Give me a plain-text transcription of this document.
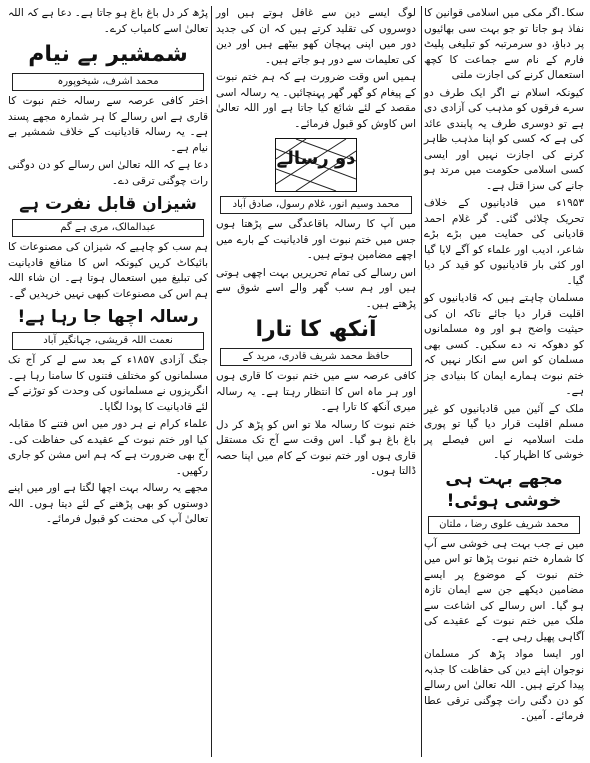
سکا۔اگر مکی میں اسلامی قوانین کا نفاذ ہو جاتا تو جو بہت سی بھائیوں پر دباؤ، دو سرمرتبہ کو تبلیغی پلیٹ فارم کے نام سے جماعت کا کچھ استعمال کرنے کی اجازت ملتی

کیونکہ اسلام نے اگر ایک طرف دو سرے فرقوں کو مذہب کی آزادی دی ہے تو دوسری طرف یہ پابندی عائد کی ہے کہ کسی کو اپنا مذہب ظاہر کرنے کی اجازت نہیں اور ایسی کسی اسلامی حکومت میں مرتد ہو جانے کی سزا قتل ہے۔

۱۹۵۳ء میں قادیانیوں کے خلاف تحریک چلائی گئی۔ گر غلام احمد قادیانی کی حمایت میں بڑے بڑے شاعر، ادیب اور علماء کو آگے لایا گیا اور کئی بار قادیانیوں کو قید کر دیا گیا۔

مسلمان چاہتے ہیں کہ قادیانیوں کو اقلیت قرار دیا جائے تاکہ ان کی حیثیت واضح ہو اور وہ مسلمانوں کو دھوکہ نہ دے سکیں۔ کسی بھی مسلمان کو اس سے انکار نہیں کہ ختم نبوت ہمارے ایمان کا بنیادی جز ہے۔

ملک کے آئین میں قادیانیوں کو غیر مسلم اقلیت قرار دیا گیا تو پوری ملت اسلامیہ نے اس فیصلے پر خوشی کا اظہار کیا۔

مجھے بہت ہی خوشی ہوئی!
محمد شریف علوی رضا ، ملتان

میں نے جب بہت ہی خوشی سے آپ کا شمارہ ختم نبوت پڑھا تو اس میں ختم نبوت کے موضوع پر ایسے مضامین دیکھے جن سے ایمان تازہ ہو گیا۔ اس رسالے کی اشاعت سے ملک میں ختم نبوت کے عقیدے کی آگاہی پھیل رہی ہے۔

اور ایسا مواد پڑھ کر مسلمان نوجوان اپنے دین کی حفاظت کا جذبہ پیدا کرتے ہیں۔ اللہ تعالیٰ اس رسالے کو دن دگنی رات چوگنی ترقی عطا فرمائے۔ آمین۔

لوگ ایسے دین سے غافل ہوتے ہیں اور دوسروں کی تقلید کرتے ہیں کہ ان کی جدید دور میں اپنی پہچان کھو بیٹھے ہیں اور دین کی تعلیمات سے دور ہو جاتے ہیں۔

ہمیں اس وقت ضرورت ہے کہ ہم ختم نبوت کے پیغام کو گھر گھر پہنچائیں۔ یہ رسالہ اسی مقصد کے لئے شائع کیا جاتا ہے اور اللہ تعالیٰ اس کاوش کو قبول فرمائے۔

دو رسالے
محمد وسیم انور، غلام رسول، صادق آباد

میں آپ کا رسالہ باقاعدگی سے پڑھتا ہوں جس میں ختم نبوت اور قادیانیت کے بارے میں اچھے مضامین ہوتے ہیں۔

اس رسالے کی تمام تحریریں بہت اچھی ہوتی ہیں اور ہم سب گھر والے اسے شوق سے پڑھتے ہیں۔

آنکھ کا تارا
حافظ محمد شریف قادری، مرید کے

کافی عرصہ سے میں ختم نبوت کا قاری ہوں اور ہر ماہ اس کا انتظار رہتا ہے۔ یہ رسالہ میری آنکھ کا تارا ہے۔

ختم نبوت کا رسالہ ملا تو اس کو پڑھ کر دل باغ باغ ہو گیا۔ اس وقت سے آج تک مستقل قاری ہوں اور ختم نبوت کے کام میں اپنا حصہ ڈالتا ہوں۔

پڑھ کر دل باغ باغ ہو جاتا ہے۔ دعا ہے کہ اللہ تعالیٰ اسے کامیاب کرے۔

شمشیر بے نیام
محمد اشرف، شیخوپورہ

اختر کافی عرصہ سے رسالہ ختم نبوت کا قاری ہے اس رسالے کا ہر شمارہ مجھے پسند ہے۔ یہ رسالہ قادیانیت کے خلاف شمشیر بے نیام ہے۔

دعا ہے کہ اللہ تعالیٰ اس رسالے کو دن دوگنی رات چوگنی ترقی دے۔

شیزان قابل نفرت ہے
عبدالمالک، مری ہے گم

ہم سب کو چاہیے کہ شیزان کی مصنوعات کا بائیکاٹ کریں کیونکہ اس کا منافع قادیانیت کی تبلیغ میں استعمال ہوتا ہے۔ ان شاء اللہ ہم اس کی مصنوعات کبھی نہیں خریدیں گے۔

رسالہ اچھا جا رہا ہے!
نعمت اللہ قریشی، جہانگیر آباد

جنگ آزادی ۱۸۵۷ء کے بعد سے لے کر آج تک مسلمانوں کو مختلف فتنوں کا سامنا رہا ہے۔ انگریزوں نے مسلمانوں کی وحدت کو توڑنے کے لئے قادیانیت کا پودا لگایا۔

علماء کرام نے ہر دور میں اس فتنے کا مقابلہ کیا اور ختم نبوت کے عقیدے کی حفاظت کی۔ آج بھی ضرورت ہے کہ ہم اس مشن کو جاری رکھیں۔

مجھے یہ رسالہ بہت اچھا لگتا ہے اور میں اپنے دوستوں کو بھی پڑھنے کے لئے دیتا ہوں۔ اللہ تعالیٰ آپ کی محنت کو قبول فرمائے۔
